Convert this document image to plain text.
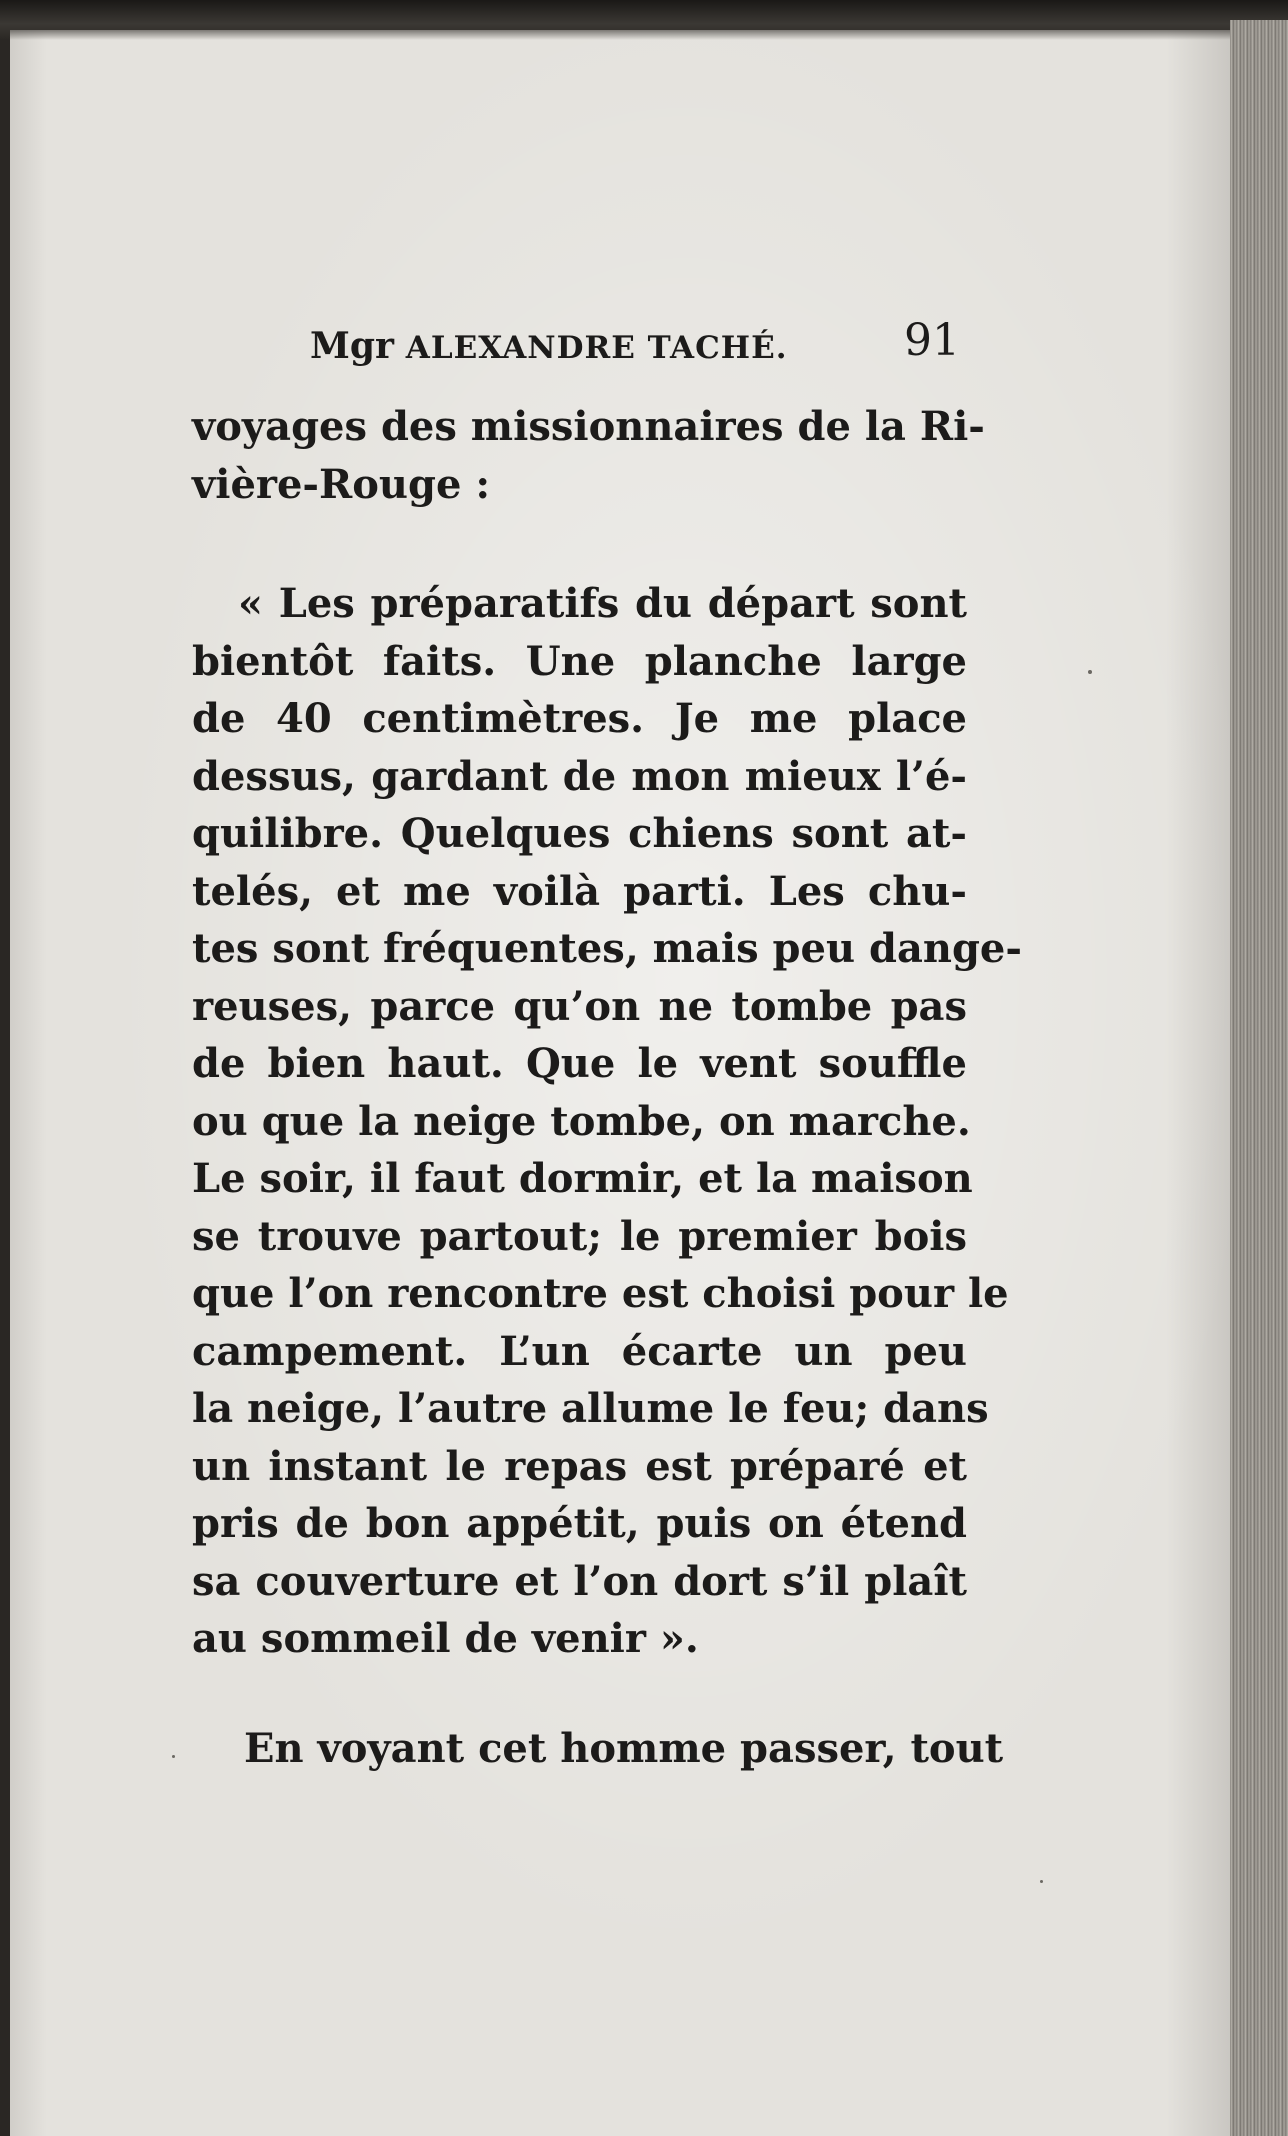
Mgr ALEXANDRE TACHÉ.	91
voyages des missionnaires de la Ri-
vière-Rouge :
« Les préparatifs du départ sont
bientôt faits. Une planche large
de 40 centimètres. Je me place
dessus, gardant de mon mieux l’é-
quilibre. Quelques chiens sont at-
telés, et me voilà parti. Les chu-
tes sont fréquentes, mais peu dange-
reuses, parce qu’on ne tombe pas
de bien haut. Que le vent souffle
ou que la neige tombe, on marche.
Le soir, il faut dormir, et la maison
se trouve partout; le premier bois
que l’on rencontre est choisi pour le
campement. L’un écarte un peu
la neige, l’autre allume le feu; dans
un instant le repas est préparé et
pris de bon appétit, puis on étend
sa couverture et l’on dort s’il plaît
au sommeil de venir ».
En voyant cet homme passer, tout
